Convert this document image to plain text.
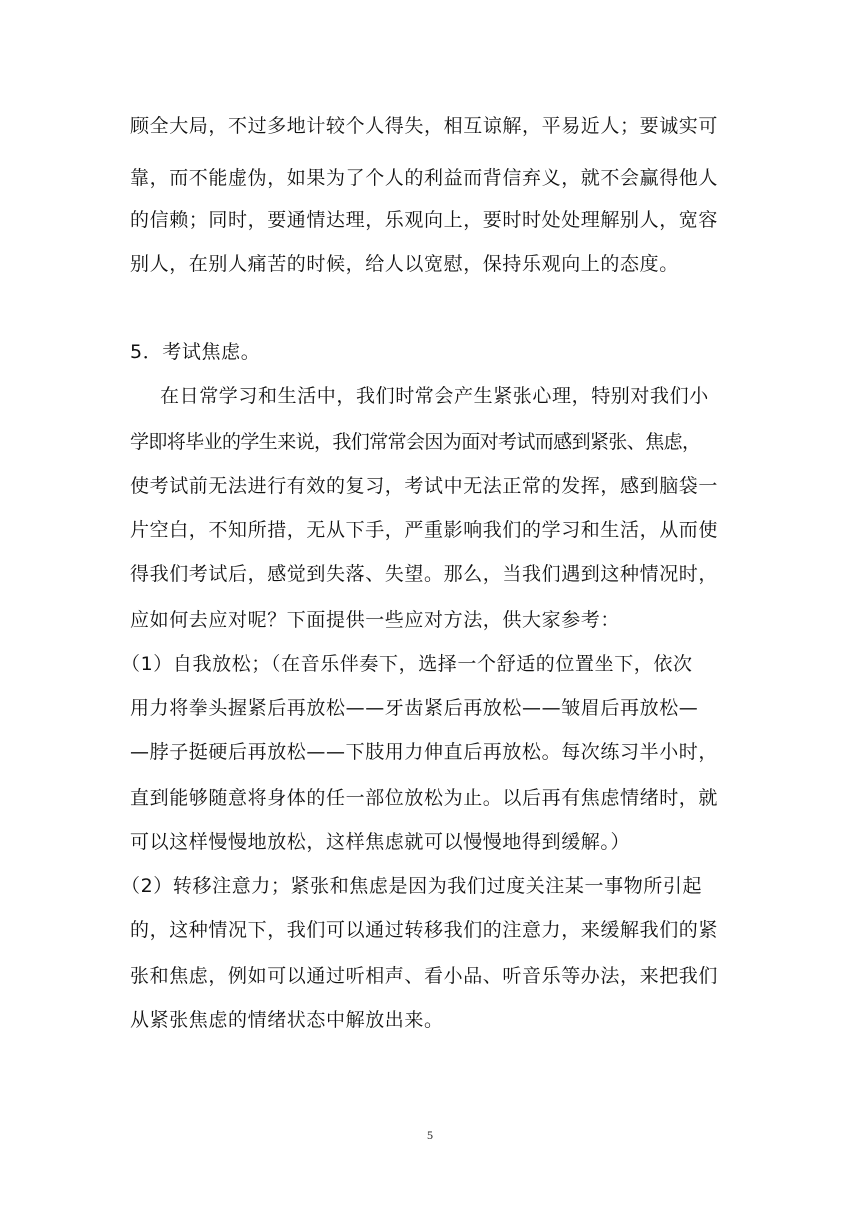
顾全大局，不过多地计较个人得失，相互谅解，平易近人；要诚实可
靠，而不能虚伪，如果为了个人的利益而背信弃义，就不会赢得他人
的信赖；同时，要通情达理，乐观向上，要时时处处理解别人，宽容
别人，在别人痛苦的时候，给人以宽慰，保持乐观向上的态度。
5．考试焦虑。
在日常学习和生活中，我们时常会产生紧张心理，特别对我们小
学即将毕业的学生来说，我们常常会因为面对考试而感到紧张、焦虑，
使考试前无法进行有效的复习，考试中无法正常的发挥，感到脑袋一
片空白，不知所措，无从下手，严重影响我们的学习和生活，从而使
得我们考试后，感觉到失落、失望。那么，当我们遇到这种情况时，
应如何去应对呢？下面提供一些应对方法，供大家参考：
（1）自我放松；（在音乐伴奏下，选择一个舒适的位置坐下，依次
用力将拳头握紧后再放松——牙齿紧后再放松——皱眉后再放松—
—脖子挺硬后再放松——下肢用力伸直后再放松。每次练习半小时，
直到能够随意将身体的任一部位放松为止。以后再有焦虑情绪时，就
可以这样慢慢地放松，这样焦虑就可以慢慢地得到缓解。）
（2）转移注意力；紧张和焦虑是因为我们过度关注某一事物所引起
的，这种情况下，我们可以通过转移我们的注意力，来缓解我们的紧
张和焦虑，例如可以通过听相声、看小品、听音乐等办法，来把我们
从紧张焦虑的情绪状态中解放出来。
5
